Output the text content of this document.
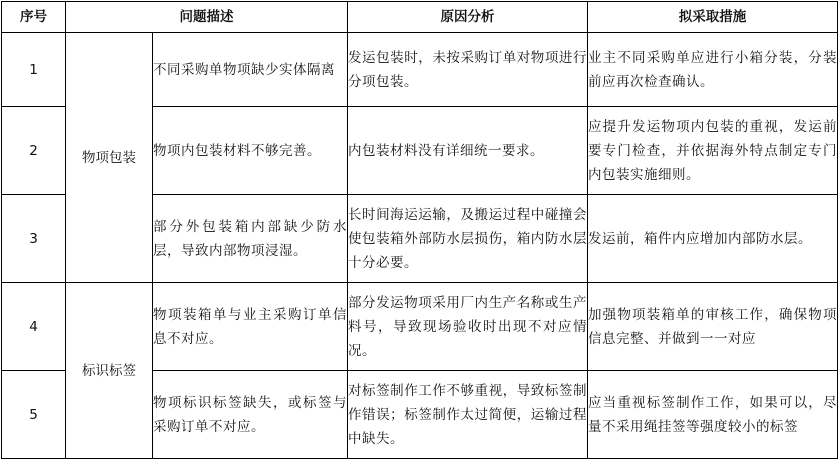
序号	问题描述		原因分析	拟采取措施
1	物项包装	不同采购单物项缺少实体隔离	发运包装时，未按采购订单对物项进行分项包装。	业主不同采购单应进行小箱分装，分装前应再次检查确认。
2		物项内包装材料不够完善。	内包装材料没有详细统一要求。	应提升发运物项内包装的重视，发运前要专门检查，并依据海外特点制定专门内包装实施细则。
3		部分外包装箱内部缺少防水层，导致内部物项浸湿。	长时间海运运输，及搬运过程中碰撞会使包装箱外部防水层损伤，箱内防水层十分必要。	发运前，箱件内应增加内部防水层。
4	标识标签	物项装箱单与业主采购订单信息不对应。	部分发运物项采用厂内生产名称或生产料号，导致现场验收时出现不对应情况。	加强物项装箱单的审核工作，确保物项信息完整、并做到一一对应
5		物项标识标签缺失，或标签与采购订单不对应。	对标签制作工作不够重视，导致标签制作错误；标签制作太过简便，运输过程中缺失。	应当重视标签制作工作，如果可以，尽量不采用绳挂签等强度较小的标签
